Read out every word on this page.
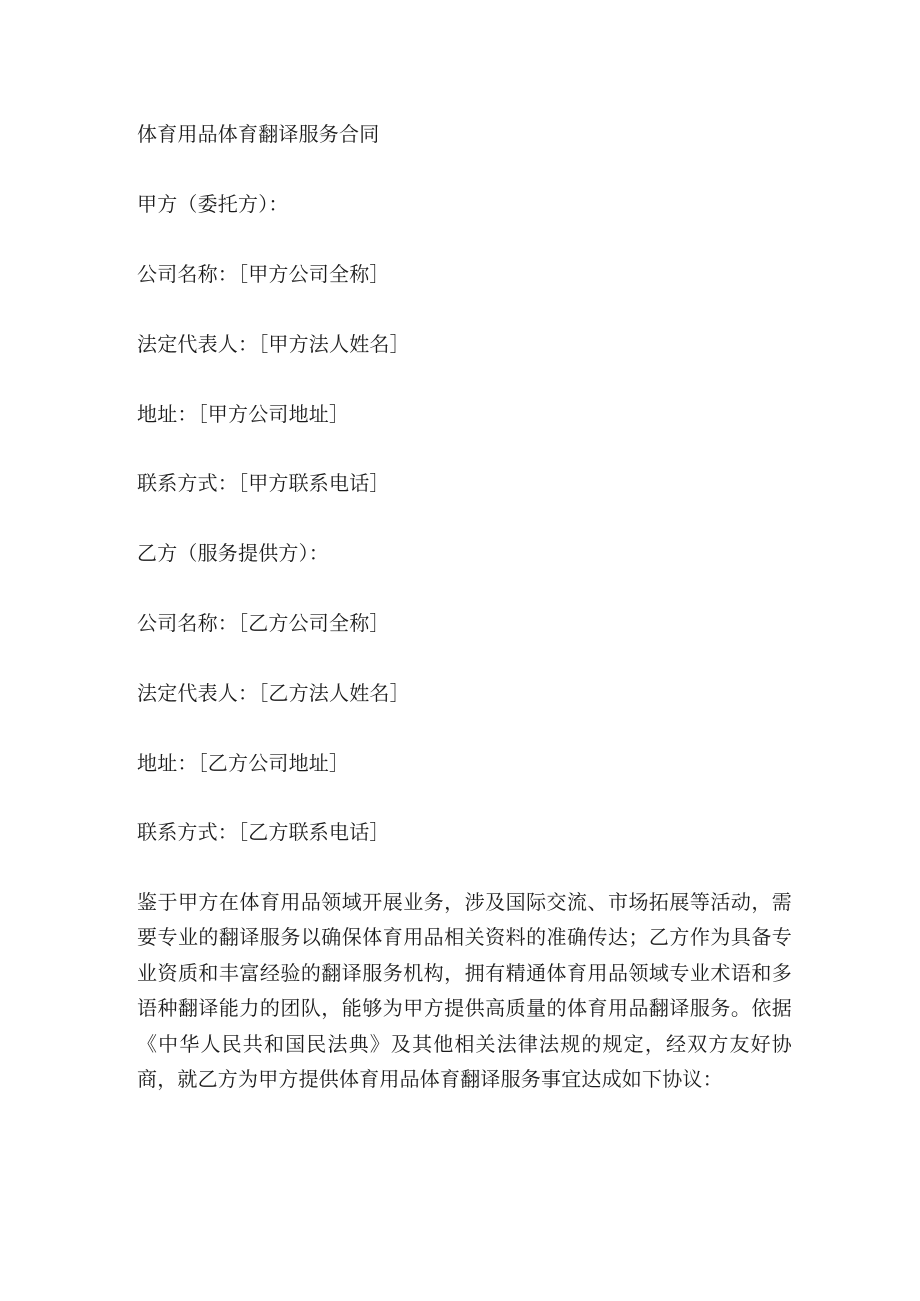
体育用品体育翻译服务合同
甲方（委托方）：
公司名称：［甲方公司全称］
法定代表人：［甲方法人姓名］
地址：［甲方公司地址］
联系方式：［甲方联系电话］
乙方（服务提供方）：
公司名称：［乙方公司全称］
法定代表人：［乙方法人姓名］
地址：［乙方公司地址］
联系方式：［乙方联系电话］
鉴于甲方在体育用品领域开展业务，涉及国际交流、市场拓展等活动，需要专业的翻译服务以确保体育用品相关资料的准确传达；乙方作为具备专业资质和丰富经验的翻译服务机构，拥有精通体育用品领域专业术语和多语种翻译能力的团队，能够为甲方提供高质量的体育用品翻译服务。依据《中华人民共和国民法典》及其他相关法律法规的规定，经双方友好协商，就乙方为甲方提供体育用品体育翻译服务事宜达成如下协议：
